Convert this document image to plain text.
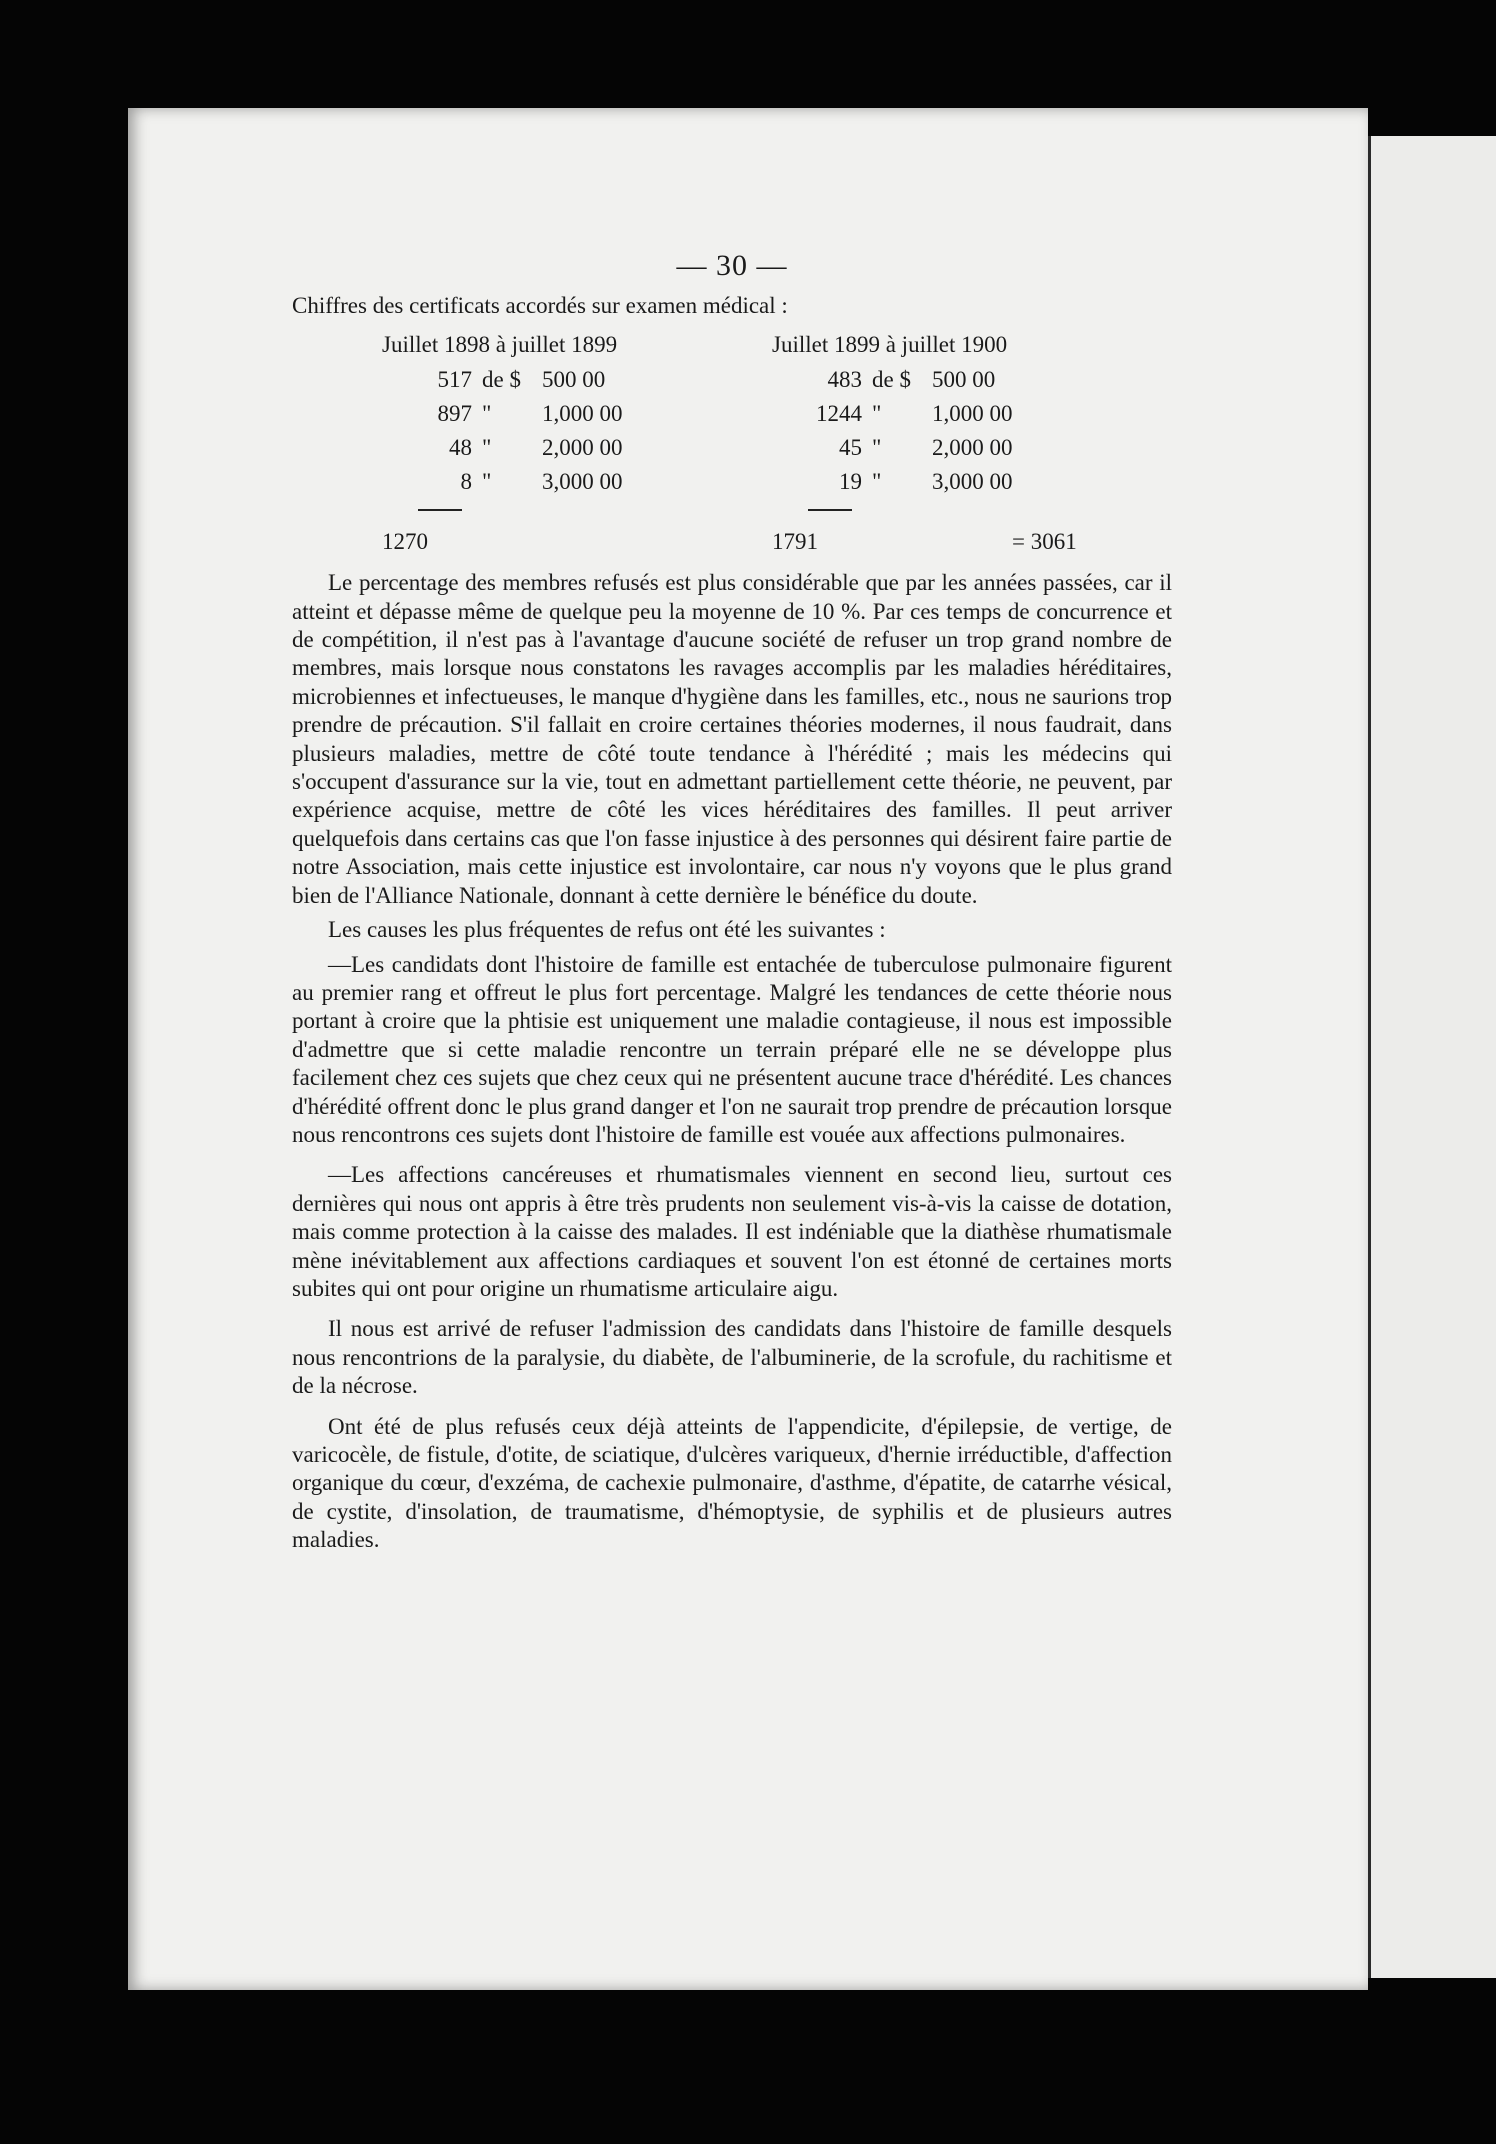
— 30 —

Chiffres des certificats accordés sur examen médical :

Juillet 1898 à juillet 1899
517 de $ 500 00
897 "	1,000 00
48 "	2,000 00
8 "	3,000 00
1270
Juillet 1899 à juillet 1900
483 de $ 500 00
1244 "	1,000 00
45 "	2,000 00
19 "	3,000 00
1791	= 3061

Le percentage des membres refusés est plus considérable que par les années passées, car il atteint et dépasse même de quelque peu la moyenne de 10 %. Par ces temps de concurrence et de compétition, il n'est pas à l'avantage d'aucune société de refuser un trop grand nombre de membres, mais lorsque nous constatons les ravages accomplis par les maladies héréditaires, microbiennes et infectueuses, le manque d'hygiène dans les familles, etc., nous ne saurions trop prendre de précaution. S'il fallait en croire certaines théories modernes, il nous faudrait, dans plusieurs maladies, mettre de côté toute tendance à l'hérédité ; mais les médecins qui s'occupent d'assurance sur la vie, tout en admettant partiellement cette théorie, ne peuvent, par expérience acquise, mettre de côté les vices héréditaires des familles. Il peut arriver quelquefois dans certains cas que l'on fasse injustice à des personnes qui désirent faire partie de notre Association, mais cette injustice est involontaire, car nous n'y voyons que le plus grand bien de l'Alliance Nationale, donnant à cette dernière le bénéfice du doute.

Les causes les plus fréquentes de refus ont été les suivantes :

—Les candidats dont l'histoire de famille est entachée de tuberculose pulmonaire figurent au premier rang et offreut le plus fort percentage. Malgré les tendances de cette théorie nous portant à croire que la phtisie est uniquement une maladie contagieuse, il nous est impossible d'admettre que si cette maladie rencontre un terrain préparé elle ne se développe plus facilement chez ces sujets que chez ceux qui ne présentent aucune trace d'hérédité. Les chances d'hérédité offrent donc le plus grand danger et l'on ne saurait trop prendre de précaution lorsque nous rencontrons ces sujets dont l'histoire de famille est vouée aux affections pulmonaires.

—Les affections cancéreuses et rhumatismales viennent en second lieu, surtout ces dernières qui nous ont appris à être très prudents non seulement vis-à-vis la caisse de dotation, mais comme protection à la caisse des malades. Il est indéniable que la diathèse rhumatismale mène inévitablement aux affections cardiaques et souvent l'on est étonné de certaines morts subites qui ont pour origine un rhumatisme articulaire aigu.

Il nous est arrivé de refuser l'admission des candidats dans l'histoire de famille desquels nous rencontrions de la paralysie, du diabète, de l'albuminerie, de la scrofule, du rachitisme et de la nécrose.

Ont été de plus refusés ceux déjà atteints de l'appendicite, d'épilepsie, de vertige, de varicocèle, de fistule, d'otite, de sciatique, d'ulcères variqueux, d'hernie irréductible, d'affection organique du cœur, d'exzéma, de cachexie pulmonaire, d'asthme, d'épatite, de catarrhe vésical, de cystite, d'insolation, de traumatisme, d'hémoptysie, de syphilis et de plusieurs autres maladies.
